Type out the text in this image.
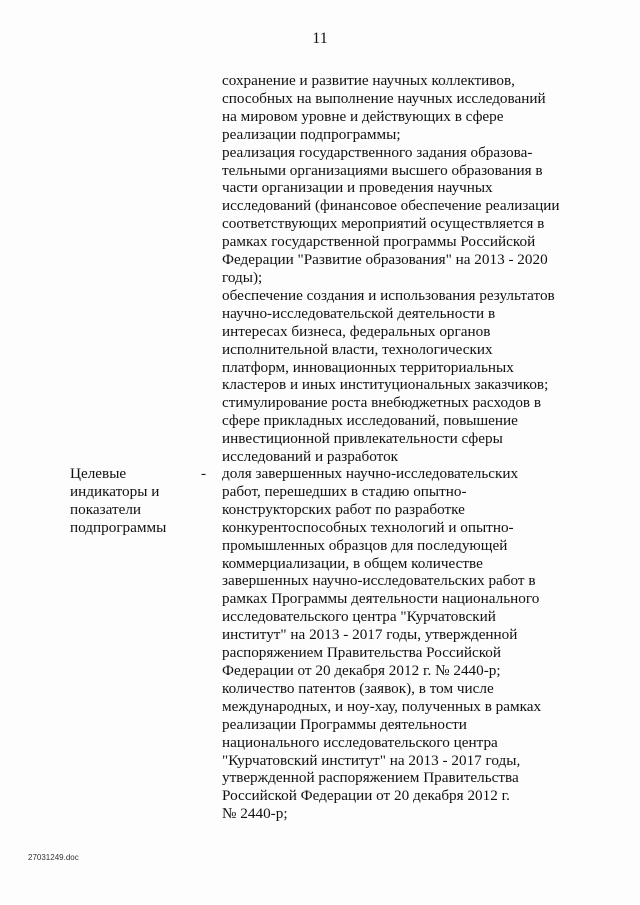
11
сохранение и развитие научных коллективов,
способных на выполнение научных исследований
на мировом уровне и действующих в сфере
реализации подпрограммы;
реализация государственного задания образова-
тельными организациями высшего образования в
части организации и проведения научных
исследований (финансовое обеспечение реализации
соответствующих мероприятий осуществляется в
рамках государственной программы Российской
Федерации "Развитие образования" на 2013 - 2020
годы);
обеспечение создания и использования результатов
научно-исследовательской деятельности в
интересах бизнеса, федеральных органов
исполнительной власти, технологических
платформ, инновационных территориальных
кластеров и иных институциональных заказчиков;
стимулирование роста внебюджетных расходов в
сфере прикладных исследований, повышение
инвестиционной привлекательности сферы
исследований и разработок
Целевые
индикаторы и
показатели
подпрограммы
- доля завершенных научно-исследовательских
работ, перешедших в стадию опытно-
конструкторских работ по разработке
конкурентоспособных технологий и опытно-
промышленных образцов для последующей
коммерциализации, в общем количестве
завершенных научно-исследовательских работ в
рамках Программы деятельности национального
исследовательского центра "Курчатовский
институт" на 2013 - 2017 годы, утвержденной
распоряжением Правительства Российской
Федерации от 20 декабря 2012 г. № 2440-р;
количество патентов (заявок), в том числе
международных, и ноу-хау, полученных в рамках
реализации Программы деятельности
национального исследовательского центра
"Курчатовский институт" на 2013 - 2017 годы,
утвержденной распоряжением Правительства
Российской Федерации от 20 декабря 2012 г.
№ 2440-р;
27031249.doc
